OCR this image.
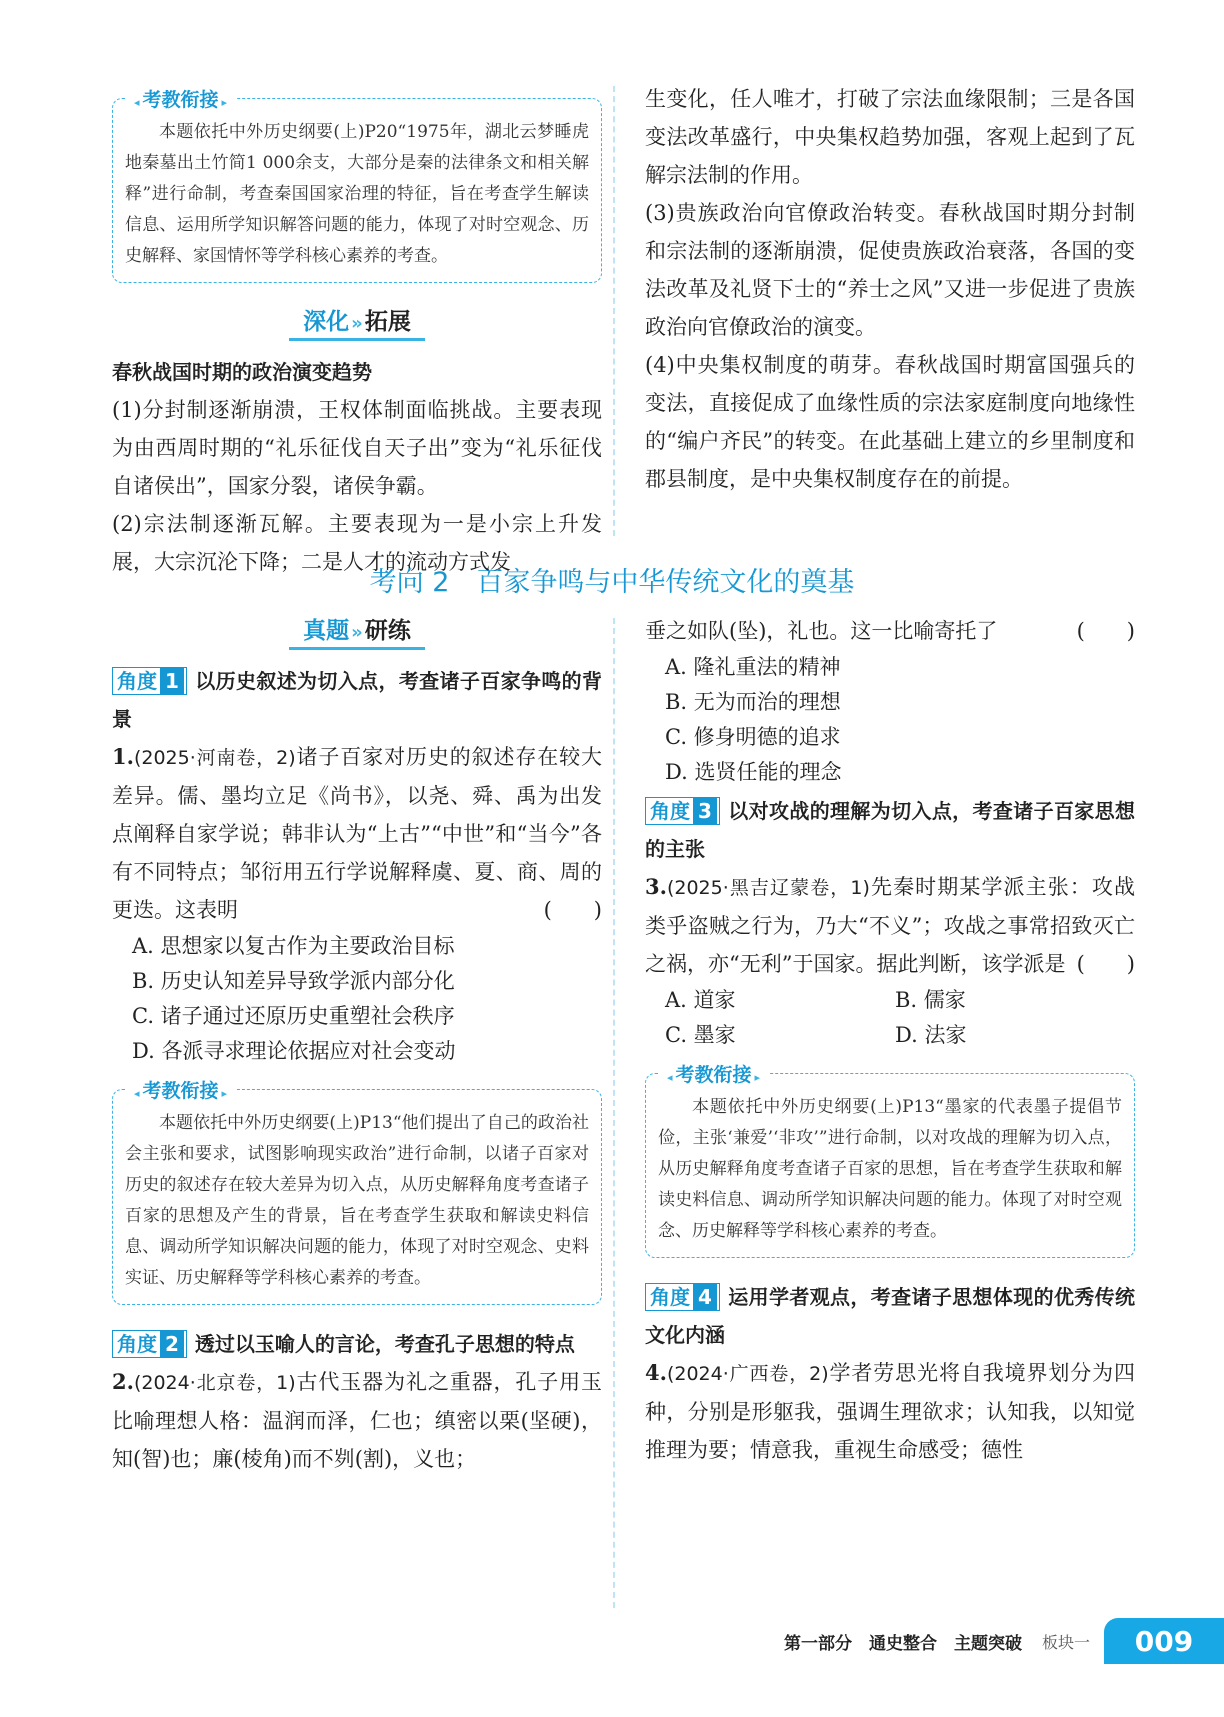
◂ 考教衔接 ▸

本题依托中外历史纲要(上)P20“1975年，湖北云梦睡虎地秦墓出土竹简1 000余支，大部分是秦的法律条文和相关解释”进行命制，考查秦国国家治理的特征，旨在考查学生解读信息、运用所学知识解答问题的能力，体现了对时空观念、历史解释、家国情怀等学科核心素养的考查。

深化 »拓展

春秋战国时期的政治演变趋势

(1)分封制逐渐崩溃，王权体制面临挑战。主要表现为由西周时期的“礼乐征伐自天子出”变为“礼乐征伐自诸侯出”，国家分裂，诸侯争霸。

(2)宗法制逐渐瓦解。主要表现为一是小宗上升发展，大宗沉沦下降；二是人才的流动方式发

生变化，任人唯才，打破了宗法血缘限制；三是各国变法改革盛行，中央集权趋势加强，客观上起到了瓦解宗法制的作用。

(3)贵族政治向官僚政治转变。春秋战国时期分封制和宗法制的逐渐崩溃，促使贵族政治衰落，各国的变法改革及礼贤下士的“养士之风”又进一步促进了贵族政治向官僚政治的演变。

(4)中央集权制度的萌芽。春秋战国时期富国强兵的变法，直接促成了血缘性质的宗法家庭制度向地缘性的“编户齐民”的转变。在此基础上建立的乡里制度和郡县制度，是中央集权制度存在的前提。

考向 2　百家争鸣与中华传统文化的奠基
真题 »研练

角度 1 以历史叙述为切入点，考查诸子百家争鸣的背景

1.(2025·河南卷，2)诸子百家对历史的叙述存在较大差异。儒、墨均立足《尚书》，以尧、舜、禹为出发点阐释自家学说；韩非认为“上古”“中世”和“当今”各有不同特点；邹衍用五行学说解释虞、夏、商、周的更迭。这表明	(　　)

A. 思想家以复古作为主要政治目标

B. 历史认知差异导致学派内部分化

C. 诸子通过还原历史重塑社会秩序

D. 各派寻求理论依据应对社会变动

◂ 考教衔接 ▸

本题依托中外历史纲要(上)P13“他们提出了自己的政治社会主张和要求，试图影响现实政治”进行命制，以诸子百家对历史的叙述存在较大差异为切入点，从历史解释角度考查诸子百家的思想及产生的背景，旨在考查学生获取和解读史料信息、调动所学知识解决问题的能力，体现了对时空观念、史料实证、历史解释等学科核心素养的考查。

角度 2 透过以玉喻人的言论，考查孔子思想的特点

2.(2024·北京卷，1)古代玉器为礼之重器，孔子用玉比喻理想人格：温润而泽，仁也；缜密以栗(坚硬)，知(智)也；廉(棱角)而不刿(割)，义也；

垂之如队(坠)，礼也。这一比喻寄托了	(　　)

A. 隆礼重法的精神

B. 无为而治的理想

C. 修身明德的追求

D. 选贤任能的理念

角度 3 以对攻战的理解为切入点，考查诸子百家思想的主张

3.(2025·黑吉辽蒙卷，1)先秦时期某学派主张：攻战类乎盗贼之行为，乃大“不义”；攻战之事常招致灭亡之祸，亦“无利”于国家。据此判断，该学派是 (　　)

A. 道家	B. 儒家

C. 墨家	D. 法家

◂ 考教衔接 ▸

本题依托中外历史纲要(上)P13“墨家的代表墨子提倡节俭，主张‘兼爱’‘非攻’”进行命制，以对攻战的理解为切入点，从历史解释角度考查诸子百家的思想，旨在考查学生获取和解读史料信息、调动所学知识解决问题的能力。体现了对时空观念、历史解释等学科核心素养的考查。

角度 4 运用学者观点，考查诸子思想体现的优秀传统文化内涵

4.(2024·广西卷，2)学者劳思光将自我境界划分为四种，分别是形躯我，强调生理欲求；认知我，以知觉推理为要；情意我，重视生命感受；德性

第一部分　通史整合　主题突破 板块一	009
